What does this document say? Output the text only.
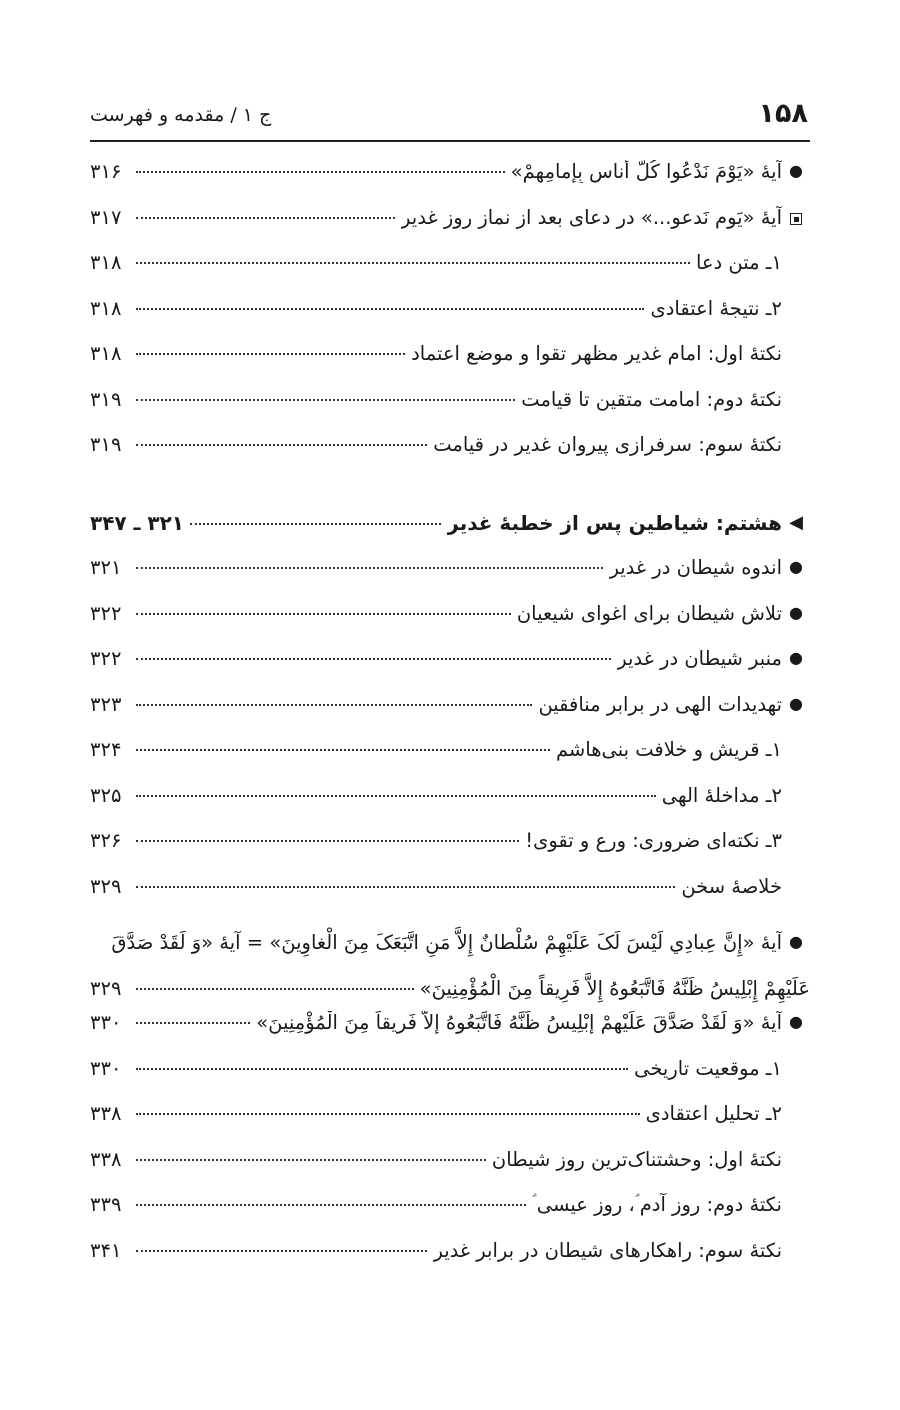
۱۵۸
ج ۱ / مقدمه و فهرست
●
آیهٔ «یَوْمَ نَدْعُوا کُلَّ أُناسٍ بِإِمامِهِمْ»
۳۱۶
آیهٔ «یَوم نَدعو...» در دعای بعد از نماز روز غدیر
۳۱۷
۱ـ متن دعا
۳۱۸
۲ـ نتیجهٔ اعتقادی
۳۱۸
نکتهٔ اول: امام غدیر مظهر تقوا و موضع اعتماد
۳۱۸
نکتهٔ دوم: امامت متقین تا قیامت
۳۱۹
نکتهٔ سوم: سرفرازی پیروان غدیر در قیامت
۳۱۹
◀
هشتم: شیاطین پس از خطبهٔ غدیر
۳۲۱ ـ ۳۴۷
●
اندوه شیطان در غدیر
۳۲۱
●
تلاش شیطان برای اغوای شیعیان
۳۲۲
●
منبر شیطان در غدیر
۳۲۲
●
تهدیدات الهی در برابر منافقین
۳۲۳
۱ـ قریش و خلافت بنی‌هاشم
۳۲۴
۲ـ مداخلهٔ الهی
۳۲۵
۳ـ نکته‌ای ضروری: ورع و تقوی!
۳۲۶
خلاصهٔ سخن
۳۲۹
●
آیهٔ «إِنَّ عِبادِي لَيْسَ لَکَ عَلَيْهِمْ سُلْطانٌ إِلاَّ مَنِ اتَّبَعَکَ مِنَ الْغاوِينَ» = آیهٔ «وَ لَقَدْ صَدَّقَ
عَلَيْهِمْ إِبْلِيسُ ظَنَّهُ فَاتَّبَعُوهُ إِلاَّ فَرِيقاً مِنَ الْمُؤْمِنِينَ»
۳۲۹
●
آیهٔ «وَ لَقَدْ صَدَّقَ عَلَيْهِمْ إِبْلِيسُ ظَنَّهُ فَاتَّبَعُوهُ إِلاَّ فَرِيقاً مِنَ الْمُؤْمِنِينَ»
۳۳۰
۱ـ موقعیت تاریخی
۳۳۰
۲ـ تحلیل اعتقادی
۳۳۸
نکتهٔ اول: وحشتناک‌ترین روز شیطان
۳۳۸
نکتهٔ دوم: روز آدم ؑ، روز عیسی ؑ
۳۳۹
نکتهٔ سوم: راهکارهای شیطان در برابر غدیر
۳۴۱
